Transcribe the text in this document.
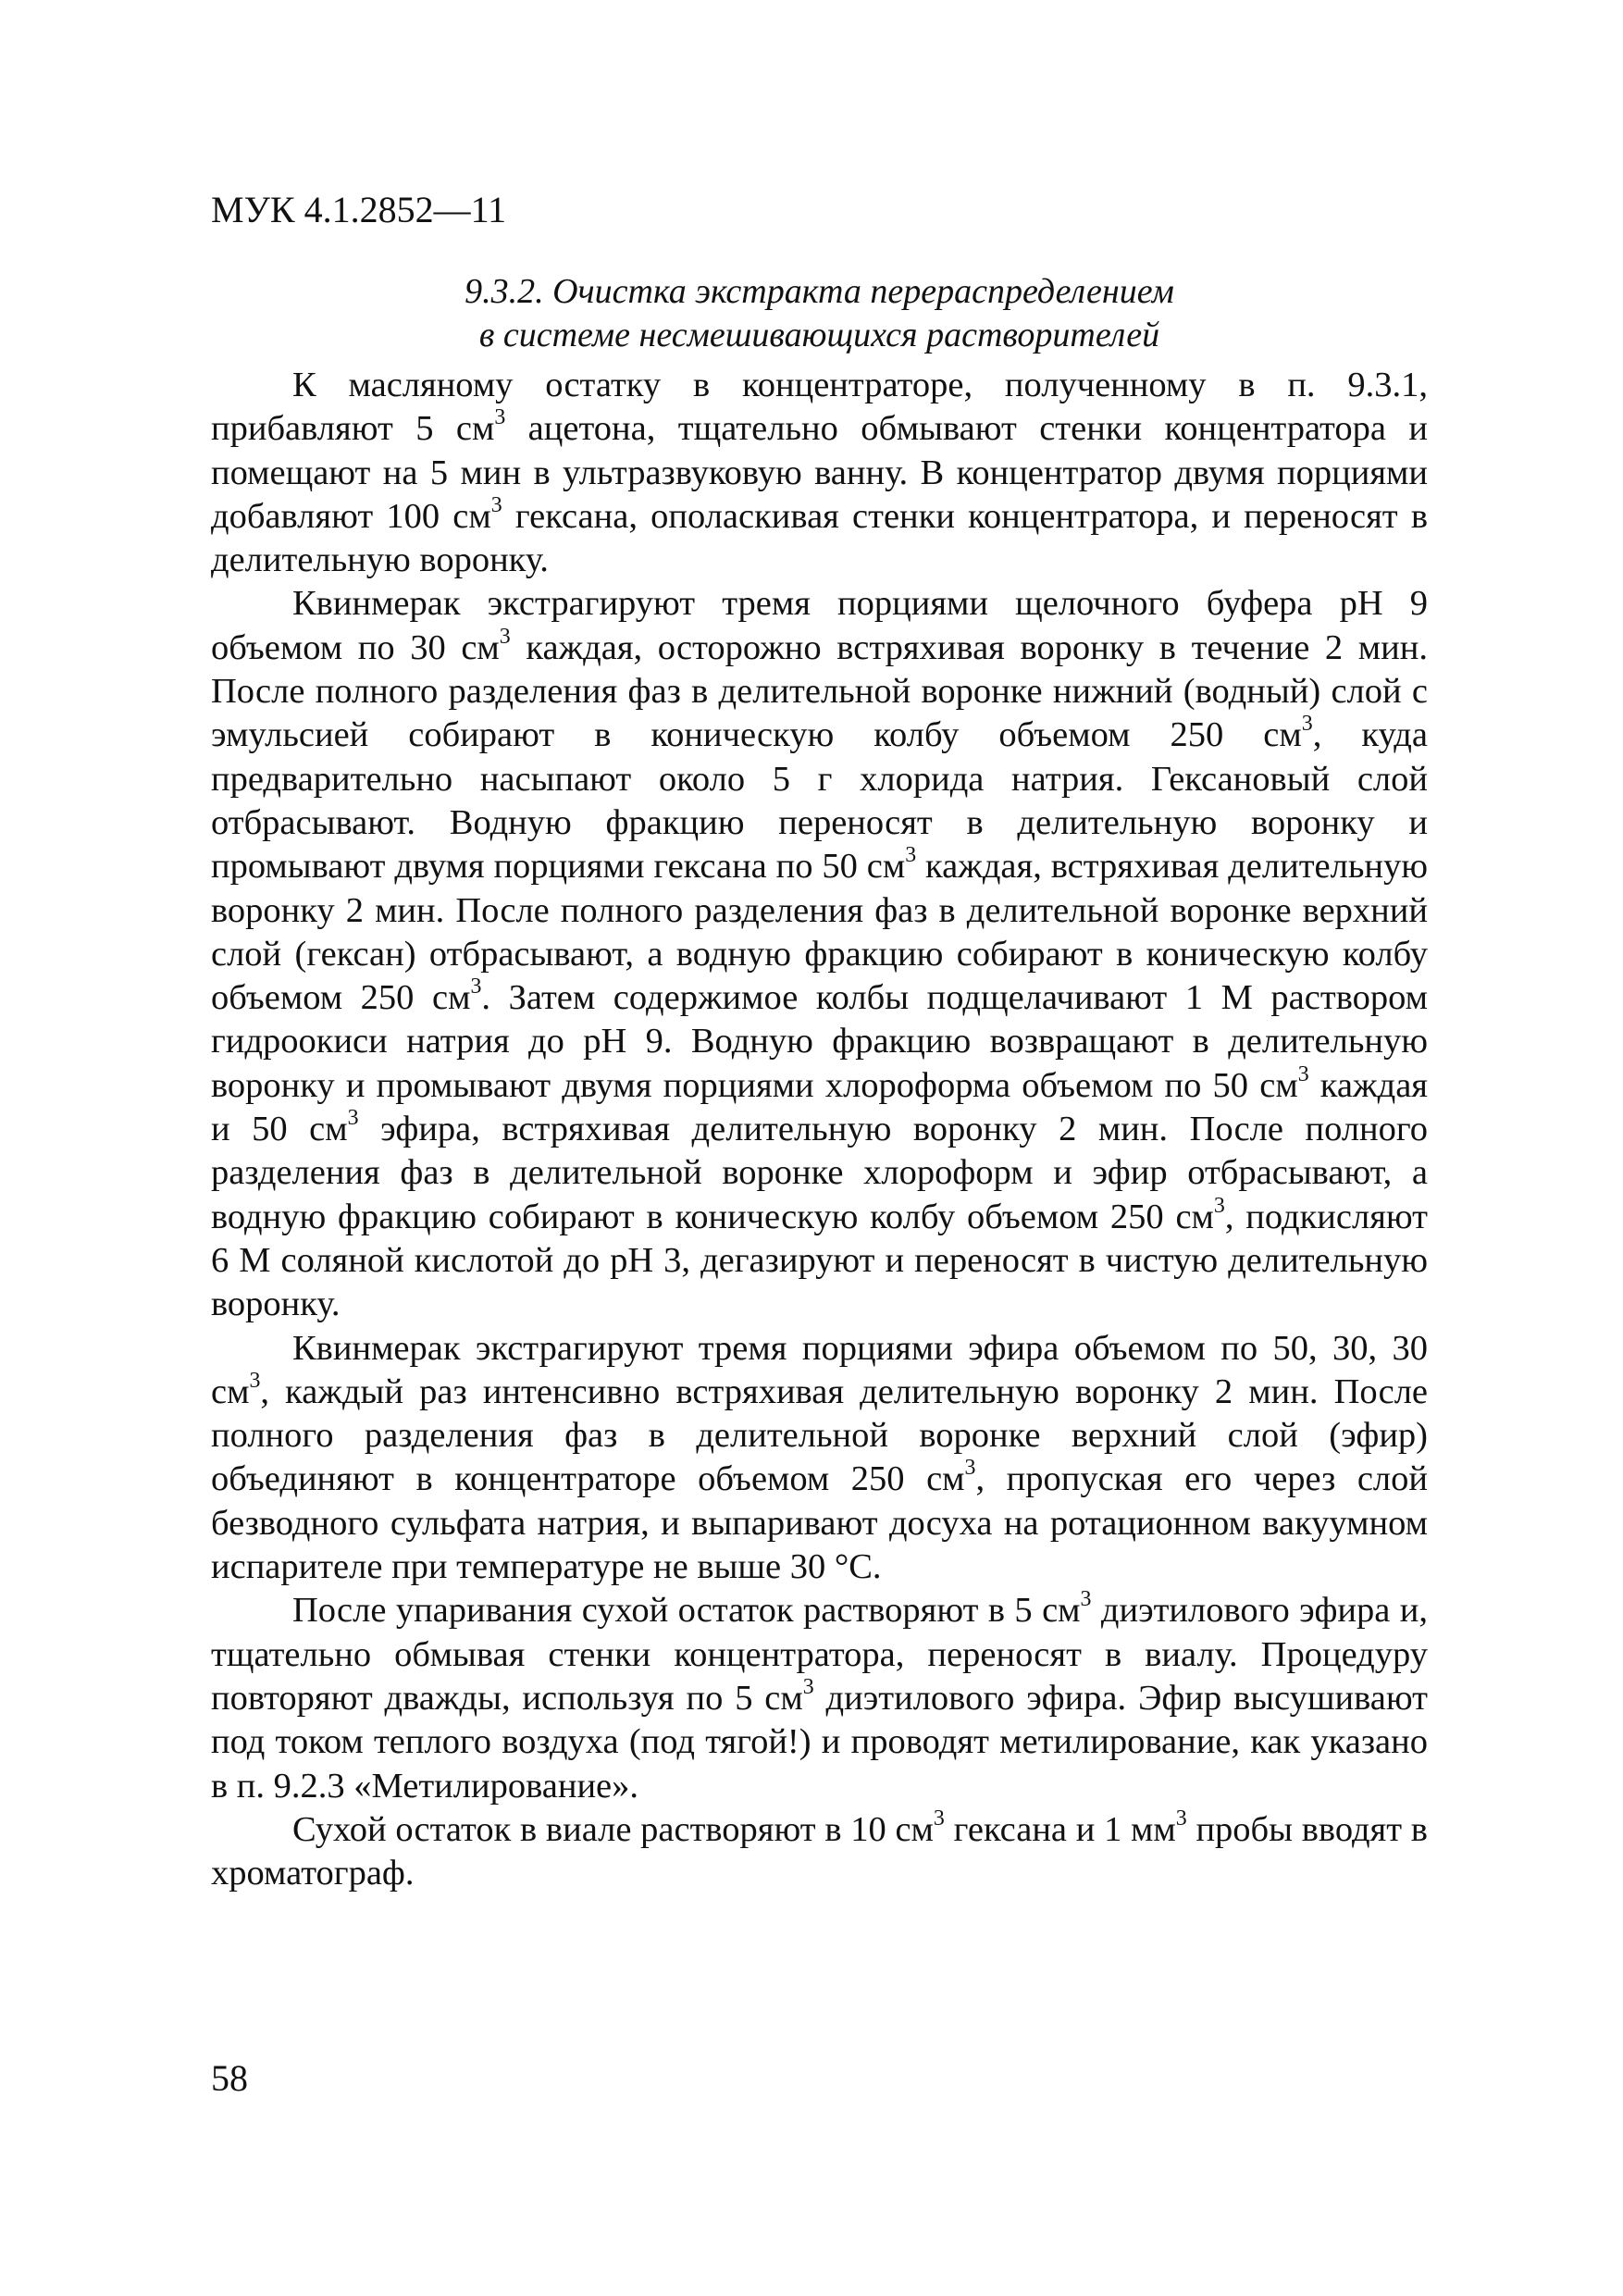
МУК 4.1.2852—11
9.3.2. Очистка экстракта перераспределением
в системе несмешивающихся растворителей

К масляному остатку в концентраторе, полученному в п. 9.3.1, прибавляют 5 $см^3$ ацетона, тщательно обмывают стенки концентратора и помещают на 5 мин в ультразвуковую ванну. В концентратор двумя порциями добавляют 100 $см^3$ гексана, ополаскивая стенки концентратора, и переносят в делительную воронку.

Квинмерак экстрагируют тремя порциями щелочного буфера рН 9 объемом по 30 $см^3$ каждая, осторожно встряхивая воронку в течение 2 мин. После полного разделения фаз в делительной воронке нижний (водный) слой с эмульсией собирают в коническую колбу объемом 250 $см^3$, куда предварительно насыпают около 5 г хлорида натрия. Гексановый слой отбрасывают. Водную фракцию переносят в делительную воронку и промывают двумя порциями гексана по 50 $см^3$ каждая, встряхивая делительную воронку 2 мин. После полного разделения фаз в делительной воронке верхний слой (гексан) отбрасывают, а водную фракцию собирают в коническую колбу объемом 250 $см^3$. Затем содержимое колбы подщелачивают 1 М раствором гидроокиси натрия до рН 9. Водную фракцию возвращают в делительную воронку и промывают двумя порциями хлороформа объемом по 50 $см^3$ каждая и 50 $см^3$ эфира, встряхивая делительную воронку 2 мин. После полного разделения фаз в делительной воронке хлороформ и эфир отбрасывают, а водную фракцию собирают в коническую колбу объемом 250 $см^3$, подкисляют 6 М соляной кислотой до рН 3, дегазируют и переносят в чистую делительную воронку.

Квинмерак экстрагируют тремя порциями эфира объемом по 50, 30, 30 $см^3$, каждый раз интенсивно встряхивая делительную воронку 2 мин. После полного разделения фаз в делительной воронке верхний слой (эфир) объединяют в концентраторе объемом 250 $см^3$, пропуская его через слой безводного сульфата натрия, и выпаривают досуха на ротационном вакуумном испарителе при температуре не выше 30 °С.

После упаривания сухой остаток растворяют в 5 $см^3$ диэтилового эфира и, тщательно обмывая стенки концентратора, переносят в виалу. Процедуру повторяют дважды, используя по 5 $см^3$ диэтилового эфира. Эфир высушивают под током теплого воздуха (под тягой!) и проводят метилирование, как указано в п. 9.2.3 «Метилирование».

Сухой остаток в виале растворяют в 10 $см^3$ гексана и 1 $мм^3$ пробы вводят в хроматограф.

58
